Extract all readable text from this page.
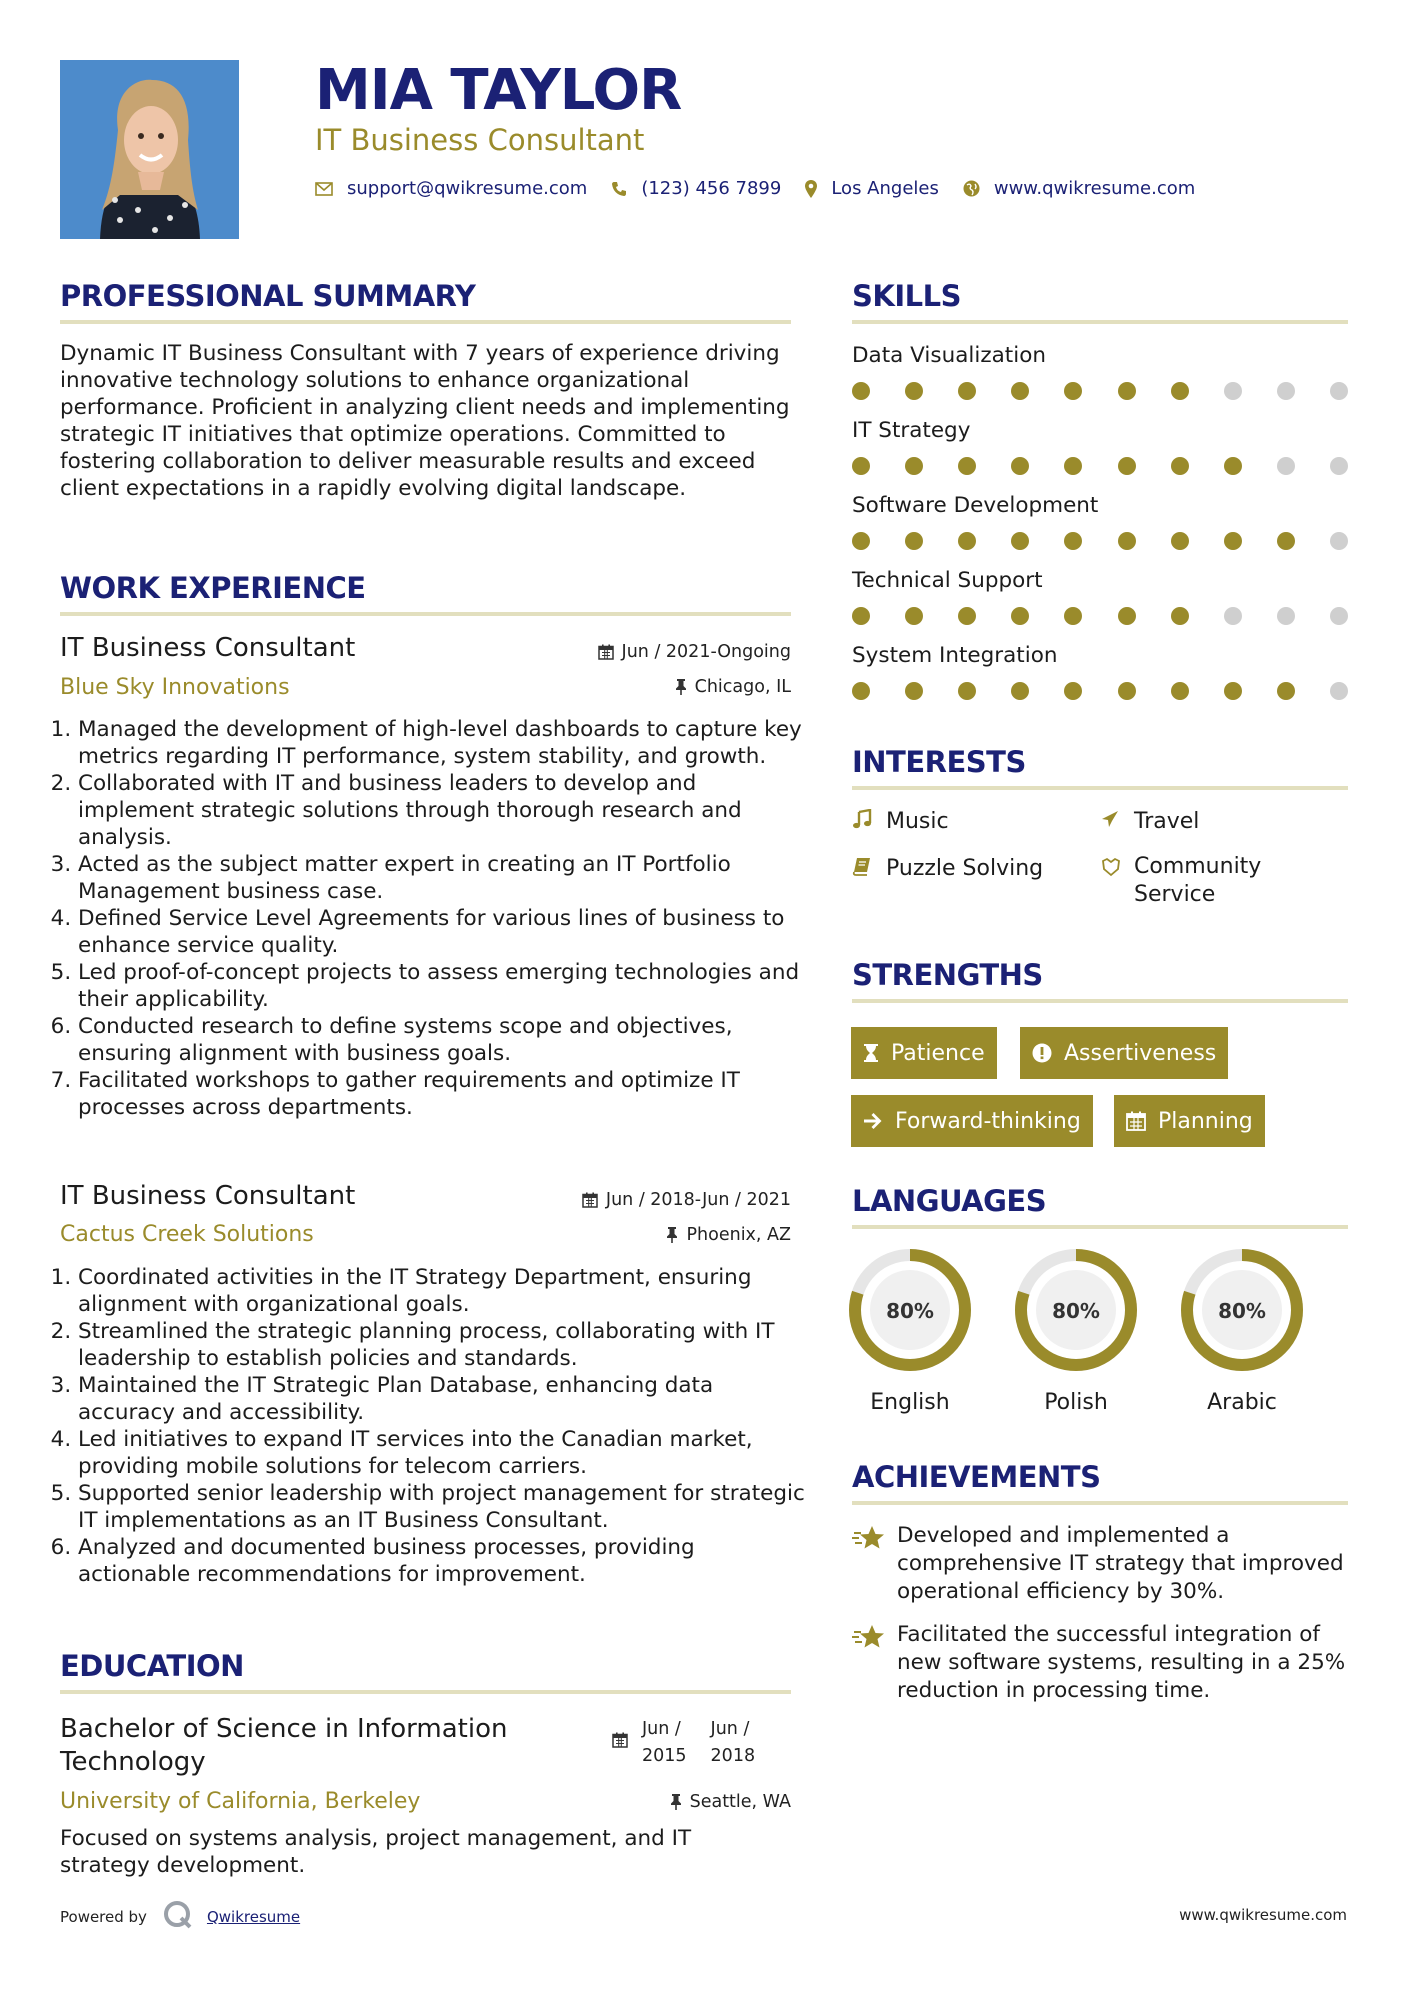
MIA TAYLOR
IT Business Consultant
support@qwikresume.com	(123) 456 7899	Los Angeles	www.qwikresume.com
PROFESSIONAL SUMMARY
Dynamic IT Business Consultant with 7 years of experience driving innovative technology solutions to enhance organizational performance. Proficient in analyzing client needs and implementing strategic IT initiatives that optimize operations. Committed to fostering collaboration to deliver measurable results and exceed client expectations in a rapidly evolving digital landscape.
WORK EXPERIENCE
IT Business Consultant
Blue Sky Innovations
Jun / 2021-Ongoing
Chicago, IL
1. Managed the development of high-level dashboards to capture key metrics regarding IT performance, system stability, and growth.
2. Collaborated with IT and business leaders to develop and implement strategic solutions through thorough research and analysis.
3. Acted as the subject matter expert in creating an IT Portfolio Management business case.
4. Defined Service Level Agreements for various lines of business to enhance service quality.
5. Led proof-of-concept projects to assess emerging technologies and their applicability.
6. Conducted research to define systems scope and objectives, ensuring alignment with business goals.
7. Facilitated workshops to gather requirements and optimize IT processes across departments.
IT Business Consultant
Cactus Creek Solutions
Jun / 2018-Jun / 2021
Phoenix, AZ
1. Coordinated activities in the IT Strategy Department, ensuring alignment with organizational goals.
2. Streamlined the strategic planning process, collaborating with IT leadership to establish policies and standards.
3. Maintained the IT Strategic Plan Database, enhancing data accuracy and accessibility.
4. Led initiatives to expand IT services into the Canadian market, providing mobile solutions for telecom carriers.
5. Supported senior leadership with project management for strategic IT implementations as an IT Business Consultant.
6. Analyzed and documented business processes, providing actionable recommendations for improvement.
EDUCATION
Bachelor of Science in Information Technology
University of California, Berkeley
Jun /
2015
Jun /
2018
Seattle, WA
Focused on systems analysis, project management, and IT strategy development.
SKILLS
Data Visualization
IT Strategy
Software Development
Technical Support
System Integration
INTERESTS
Music	Travel
Puzzle Solving	Community Service
STRENGTHS
Patience	Assertiveness
Forward-thinking	Planning
LANGUAGES
80%
English
80%
Polish
80%
Arabic
ACHIEVEMENTS
Developed and implemented a comprehensive IT strategy that improved operational efficiency by 30%.
Facilitated the successful integration of new software systems, resulting in a 25% reduction in processing time.
Powered by	Qwikresume	www.qwikresume.com
